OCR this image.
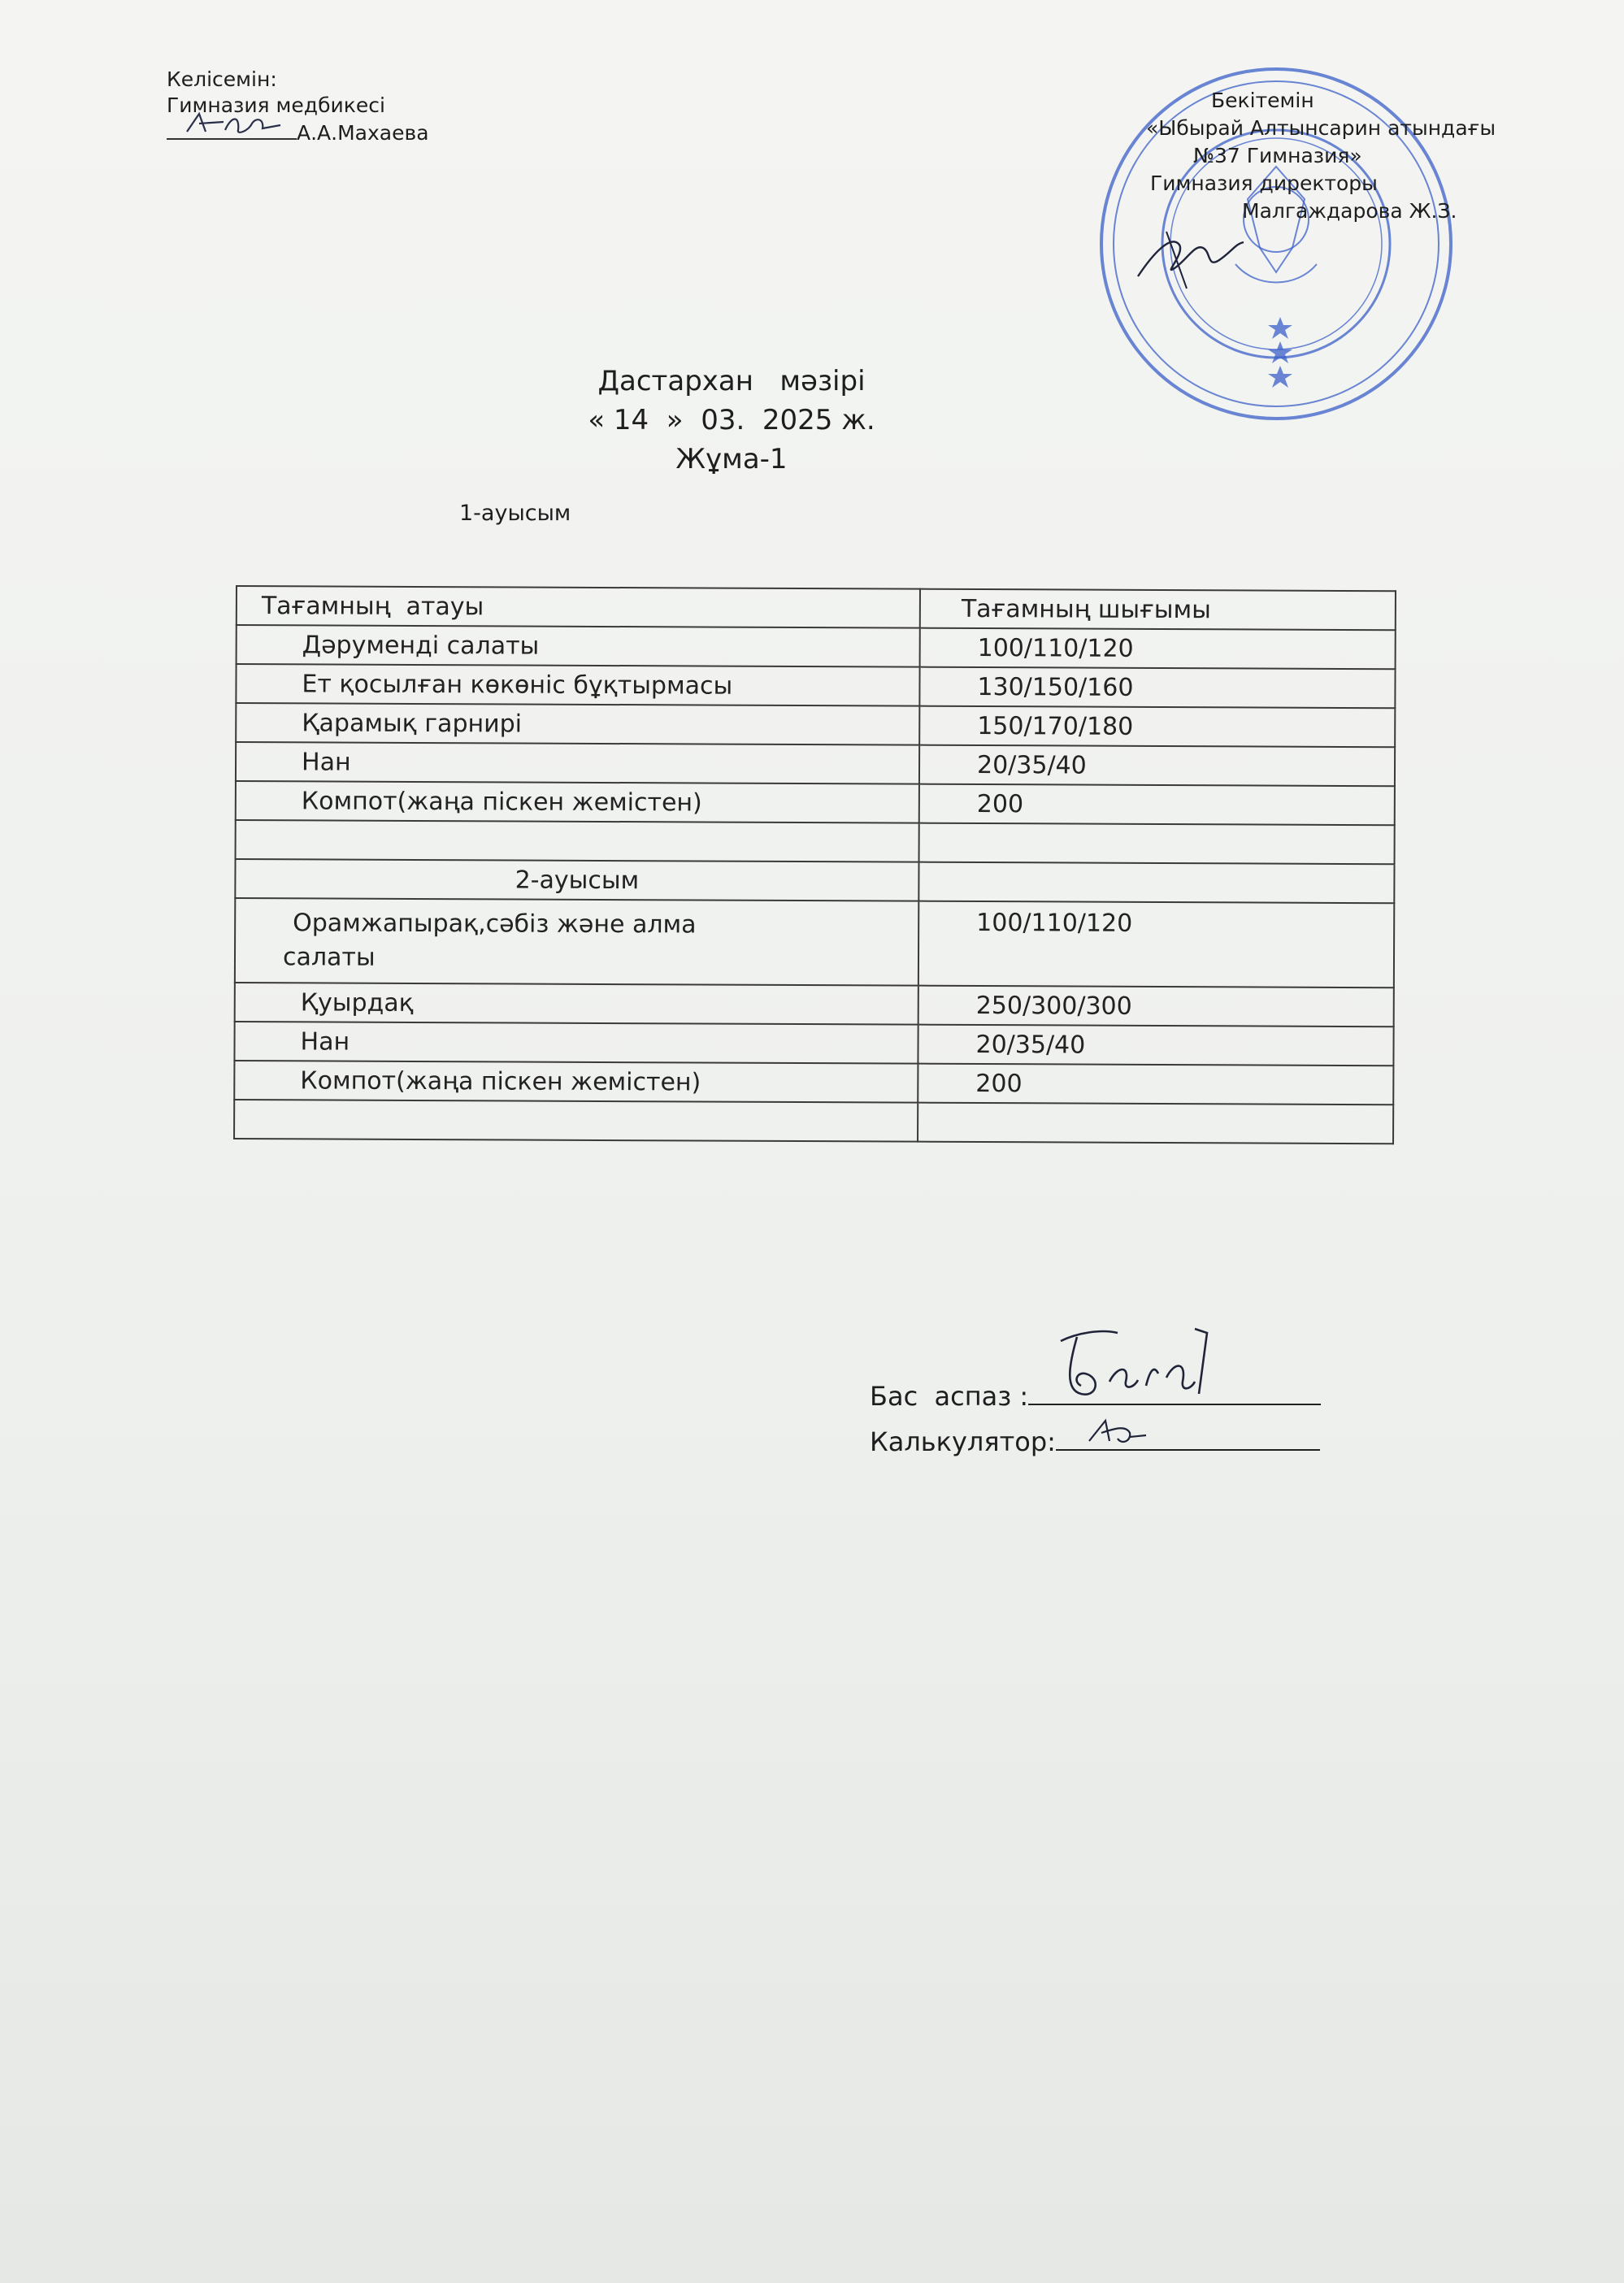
Келісемін:
Гимназия медбикесі
А.А.Махаева
Бекітемін
«Ыбырай Алтынсарин атындағы
№37 Гимназия»
Гимназия директоры
Малгаждарова Ж.З.
Дастархан   мәзірі
« 14  »  03.  2025 ж.
Жұма-1
1-ауысым
Тағамның  атауы	Тағамның шығымы
Дәруменді салаты	100/110/120
Ет қосылған көкөніс бұқтырмасы	130/150/160
Қарамық гарнирі	150/170/180
Нан	20/35/40
Компот(жаңа піскен жемістен)	200

2-ауысым	

Орамжапырақ,сәбіз және алма
салаты	100/110/120
Қуырдақ	250/300/300
Нан	20/35/40
Компот(жаңа піскен жемістен)	200

Бас  аспаз :
Калькулятор:
